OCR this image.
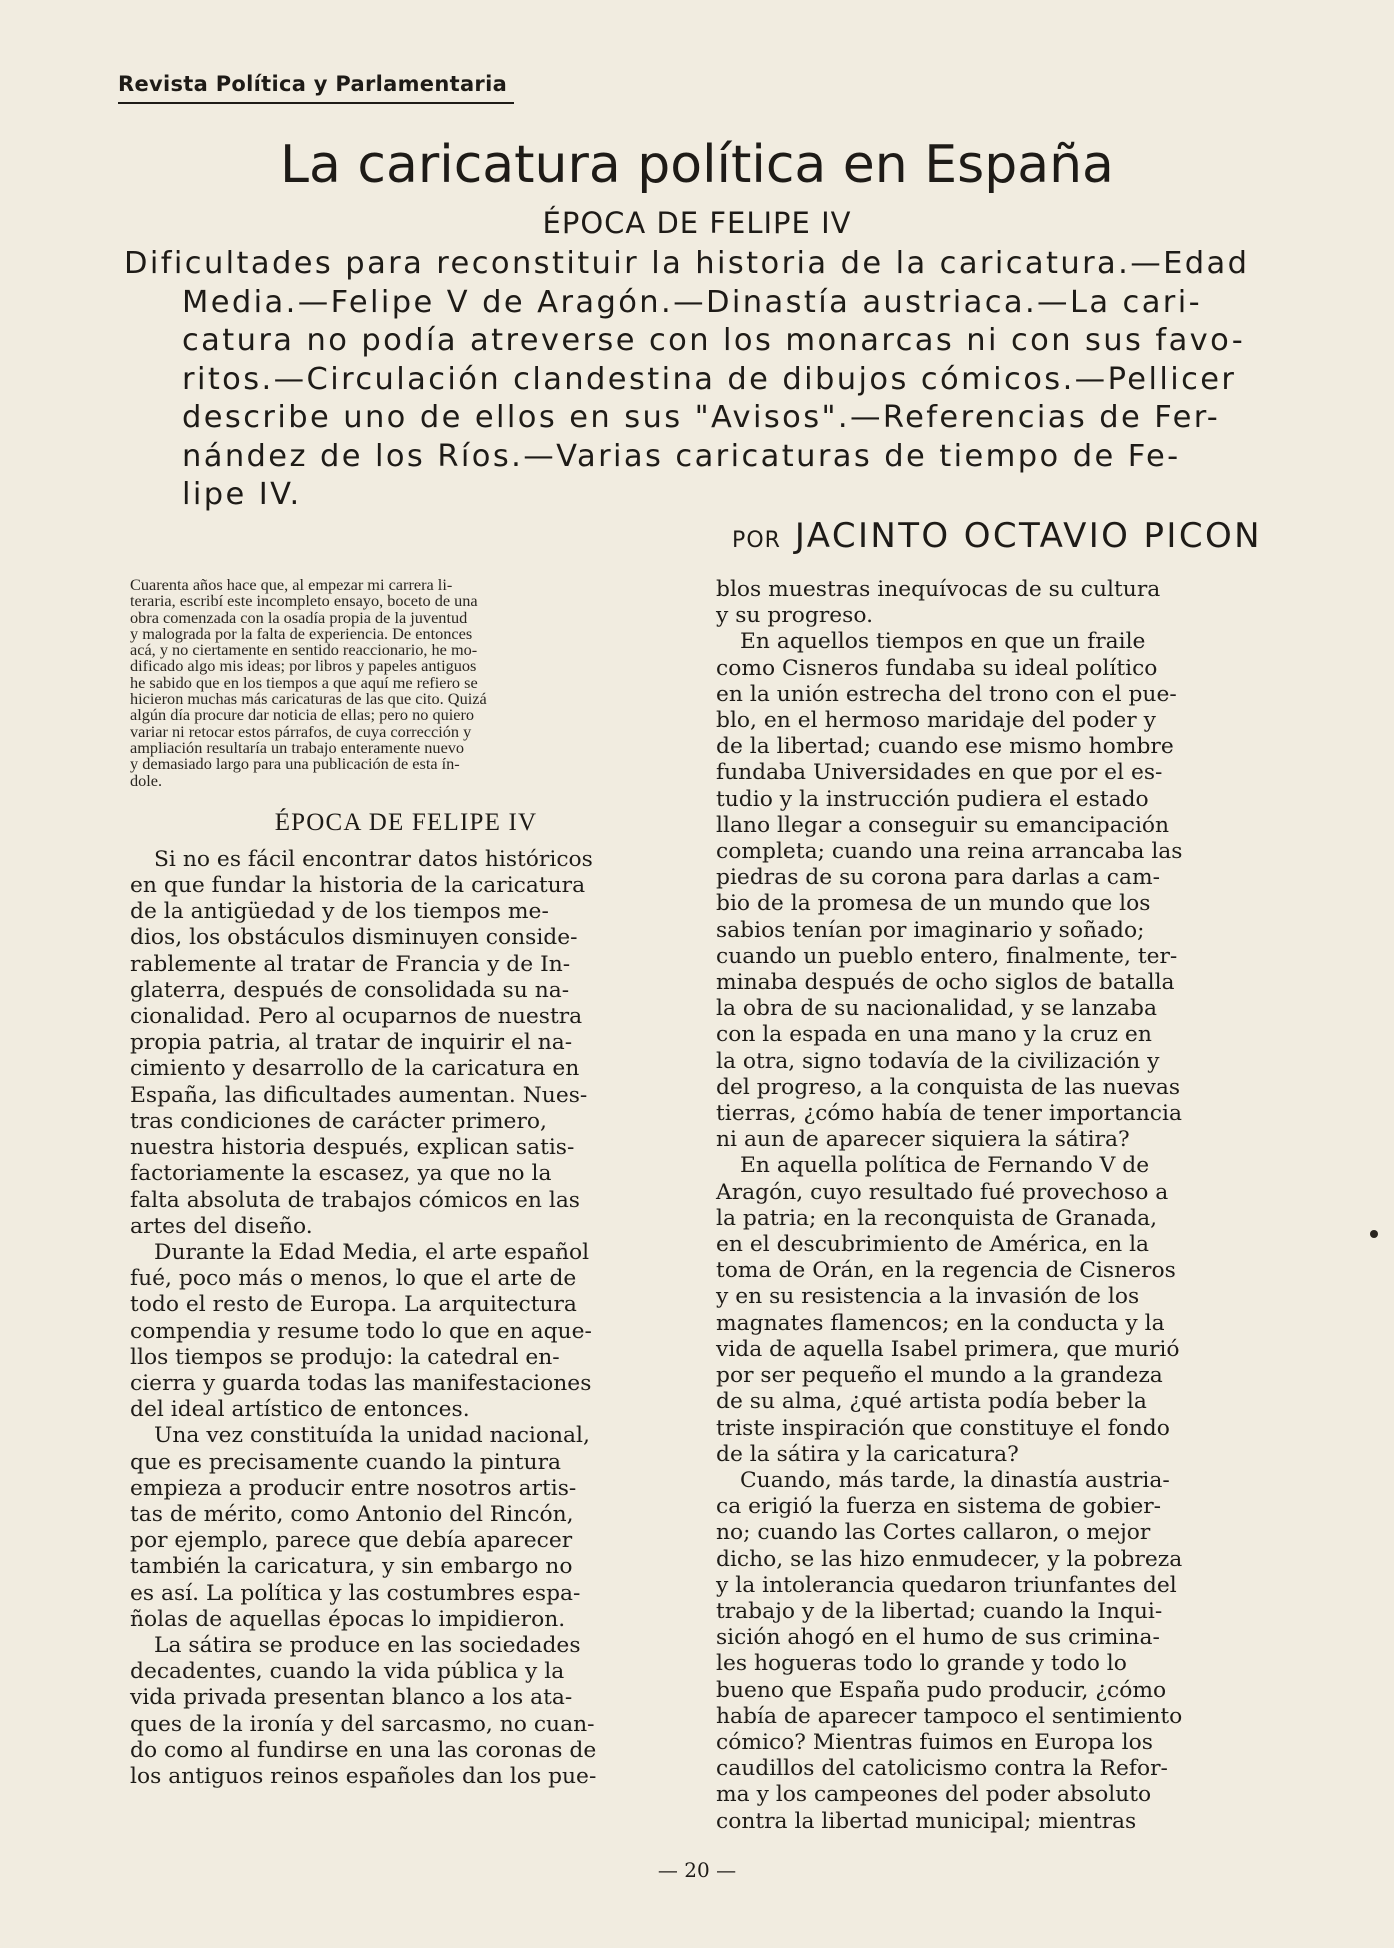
Revista Política y Parlamentaria
La caricatura política en España
ÉPOCA DE FELIPE IV
Dificultades para reconstituir la historia de la caricatura.—Edad
Media.—Felipe V de Aragón.—Dinastía austriaca.—La cari-
catura no podía atreverse con los monarcas ni con sus favo-
ritos.—Circulación clandestina de dibujos cómicos.—Pellicer
describe uno de ellos en sus "Avisos".—Referencias de Fer-
nández de los Ríos.—Varias caricaturas de tiempo de Fe-
lipe IV.
POR JACINTO OCTAVIO PICON
Cuarenta años hace que, al empezar mi carrera li-
teraria, escribí este incompleto ensayo, boceto de una
obra comenzada con la osadía propia de la juventud
y malograda por la falta de experiencia. De entonces
acá, y no ciertamente en sentido reaccionario, he mo-
dificado algo mis ideas; por libros y papeles antiguos
he sabido que en los tiempos a que aquí me refiero se
hicieron muchas más caricaturas de las que cito. Quizá
algún día procure dar noticia de ellas; pero no quiero
variar ni retocar estos párrafos, de cuya corrección y
ampliación resultaría un trabajo enteramente nuevo
y demasiado largo para una publicación de esta ín-
dole.
ÉPOCA DE FELIPE IV
Si no es fácil encontrar datos históricos
en que fundar la historia de la caricatura
de la antigüedad y de los tiempos me-
dios, los obstáculos disminuyen conside-
rablemente al tratar de Francia y de In-
glaterra, después de consolidada su na-
cionalidad. Pero al ocuparnos de nuestra
propia patria, al tratar de inquirir el na-
cimiento y desarrollo de la caricatura en
España, las dificultades aumentan. Nues-
tras condiciones de carácter primero,
nuestra historia después, explican satis-
factoriamente la escasez, ya que no la
falta absoluta de trabajos cómicos en las
artes del diseño.
Durante la Edad Media, el arte español
fué, poco más o menos, lo que el arte de
todo el resto de Europa. La arquitectura
compendia y resume todo lo que en aque-
llos tiempos se produjo: la catedral en-
cierra y guarda todas las manifestaciones
del ideal artístico de entonces.
Una vez constituída la unidad nacional,
que es precisamente cuando la pintura
empieza a producir entre nosotros artis-
tas de mérito, como Antonio del Rincón,
por ejemplo, parece que debía aparecer
también la caricatura, y sin embargo no
es así. La política y las costumbres espa-
ñolas de aquellas épocas lo impidieron.
La sátira se produce en las sociedades
decadentes, cuando la vida pública y la
vida privada presentan blanco a los ata-
ques de la ironía y del sarcasmo, no cuan-
do como al fundirse en una las coronas de
los antiguos reinos españoles dan los pue-
blos muestras inequívocas de su cultura
y su progreso.
En aquellos tiempos en que un fraile
como Cisneros fundaba su ideal político
en la unión estrecha del trono con el pue-
blo, en el hermoso maridaje del poder y
de la libertad; cuando ese mismo hombre
fundaba Universidades en que por el es-
tudio y la instrucción pudiera el estado
llano llegar a conseguir su emancipación
completa; cuando una reina arrancaba las
piedras de su corona para darlas a cam-
bio de la promesa de un mundo que los
sabios tenían por imaginario y soñado;
cuando un pueblo entero, finalmente, ter-
minaba después de ocho siglos de batalla
la obra de su nacionalidad, y se lanzaba
con la espada en una mano y la cruz en
la otra, signo todavía de la civilización y
del progreso, a la conquista de las nuevas
tierras, ¿cómo había de tener importancia
ni aun de aparecer siquiera la sátira?
En aquella política de Fernando V de
Aragón, cuyo resultado fué provechoso a
la patria; en la reconquista de Granada,
en el descubrimiento de América, en la
toma de Orán, en la regencia de Cisneros
y en su resistencia a la invasión de los
magnates flamencos; en la conducta y la
vida de aquella Isabel primera, que murió
por ser pequeño el mundo a la grandeza
de su alma, ¿qué artista podía beber la
triste inspiración que constituye el fondo
de la sátira y la caricatura?
Cuando, más tarde, la dinastía austria-
ca erigió la fuerza en sistema de gobier-
no; cuando las Cortes callaron, o mejor
dicho, se las hizo enmudecer, y la pobreza
y la intolerancia quedaron triunfantes del
trabajo y de la libertad; cuando la Inqui-
sición ahogó en el humo de sus crimina-
les hogueras todo lo grande y todo lo
bueno que España pudo producir, ¿cómo
había de aparecer tampoco el sentimiento
cómico? Mientras fuimos en Europa los
caudillos del catolicismo contra la Refor-
ma y los campeones del poder absoluto
contra la libertad municipal; mientras
— 20 —
